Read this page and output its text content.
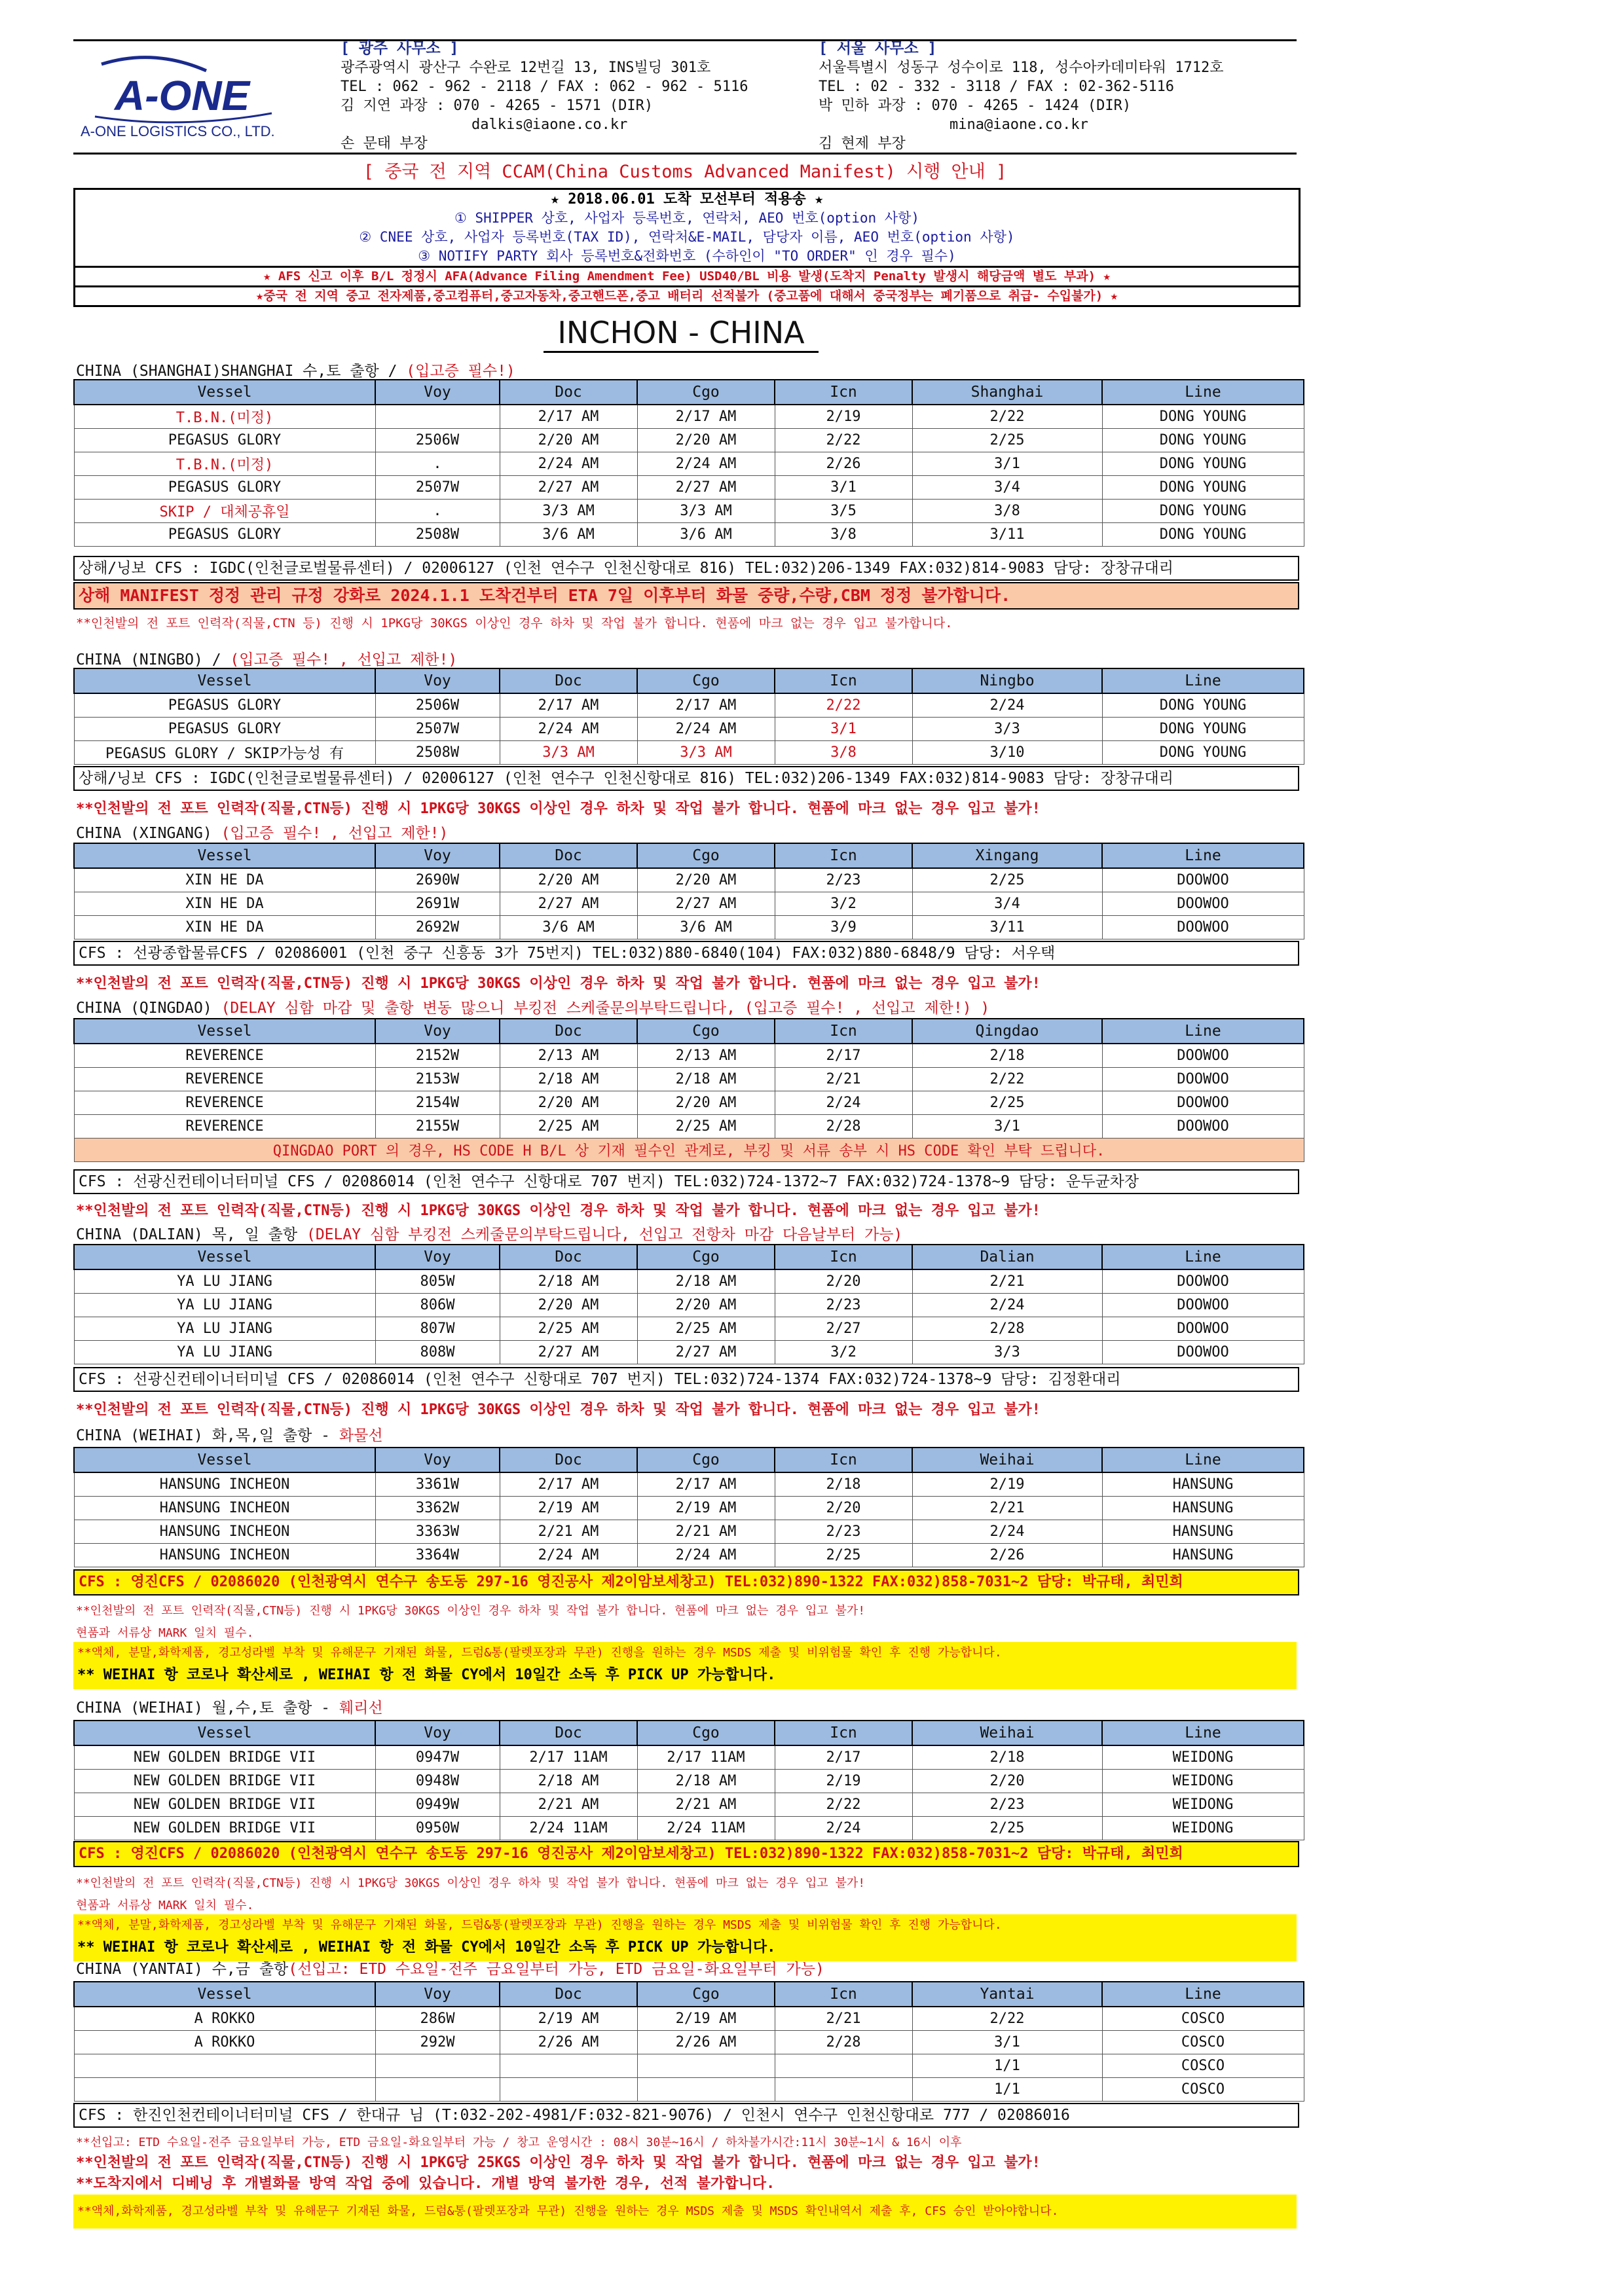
A-ONE
A-ONE LOGISTICS CO., LTD.
[ 광주 사무소 ]
광주광역시 광산구 수완로 12번길 13, INS빌딩 301호
TEL : 062 - 962 - 2118 / FAX : 062 - 962 - 5116
김 지연 과장 : 070 - 4265 - 1571 (DIR)
dalkis@iaone.co.kr
손 문태 부장
[ 서울 사무소 ]
서울특별시 성동구 성수이로 118, 성수아카데미타워 1712호
TEL : 02 - 332 - 3118 / FAX : 02-362-5116
박 민하 과장 : 070 - 4265 - 1424 (DIR)
mina@iaone.co.kr
김 현제 부장
[ 중국 전 지역 CCAM(China Customs Advanced Manifest) 시행 안내 ]
★ 2018.06.01 도착 모선부터 적용송 ★
① SHIPPER 상호, 사업자 등록번호, 연락처, AEO 번호(option 사항)
② CNEE 상호, 사업자 등록번호(TAX ID), 연락처&E-MAIL, 담당자 이름, AEO 번호(option 사항)
③ NOTIFY PARTY 회사 등록번호&전화번호 (수하인이 "TO ORDER" 인 경우 필수)
★ AFS 신고 이후 B/L 정정시 AFA(Advance Filing Amendment Fee) USD40/BL 비용 발생(도착지 Penalty 발생시 해당금액 별도 부과) ★
★중국 전 지역 중고 전자제품,중고컴퓨터,중고자동차,중고핸드폰,중고 배터리 선적불가 (중고품에 대해서 중국정부는 폐기품으로 취급- 수입불가) ★
INCHON - CHINA
CHINA (SHANGHAI)SHANGHAI 수,토 출항 / (입고증 필수!)
Vessel	Voy	Doc	Cgo	Icn	Shanghai	Line
T.B.N.(미정)		2/17 AM	2/17 AM	2/19	2/22	DONG YOUNG
PEGASUS GLORY	2506W	2/20 AM	2/20 AM	2/22	2/25	DONG YOUNG
T.B.N.(미정)	.	2/24 AM	2/24 AM	2/26	3/1	DONG YOUNG
PEGASUS GLORY	2507W	2/27 AM	2/27 AM	3/1	3/4	DONG YOUNG
SKIP / 대체공휴일	.	3/3 AM	3/3 AM	3/5	3/8	DONG YOUNG
PEGASUS GLORY	2508W	3/6 AM	3/6 AM	3/8	3/11	DONG YOUNG
상해/닝보 CFS : IGDC(인천글로벌물류센터) / 02006127 (인천 연수구 인천신항대로 816) TEL:032)206-1349 FAX:032)814-9083 담당: 장창규대리
상해 MANIFEST 정정 관리 규정 강화로 2024.1.1 도착건부터 ETA 7일 이후부터 화물 중량,수량,CBM 정정 불가합니다.
**인천발의 전 포트 인력작(직물,CTN 등) 진행 시 1PKG당 30KGS 이상인 경우 하차 및 작업 불가 합니다. 현품에 마크 없는 경우 입고 불가합니다.
CHINA (NINGBO) / (입고증 필수! , 선입고 제한!)
Vessel	Voy	Doc	Cgo	Icn	Ningbo	Line
PEGASUS GLORY	2506W	2/17 AM	2/17 AM	2/22	2/24	DONG YOUNG
PEGASUS GLORY	2507W	2/24 AM	2/24 AM	3/1	3/3	DONG YOUNG
PEGASUS GLORY / SKIP가능성 有	2508W	3/3 AM	3/3 AM	3/8	3/10	DONG YOUNG
상해/닝보 CFS : IGDC(인천글로벌물류센터) / 02006127 (인천 연수구 인천신항대로 816) TEL:032)206-1349 FAX:032)814-9083 담당: 장창규대리
**인천발의 전 포트 인력작(직물,CTN등) 진행 시 1PKG당 30KGS 이상인 경우 하차 및 작업 불가 합니다. 현품에 마크 없는 경우 입고 불가!
CHINA (XINGANG) (입고증 필수! , 선입고 제한!)
Vessel	Voy	Doc	Cgo	Icn	Xingang	Line
XIN HE DA	2690W	2/20 AM	2/20 AM	2/23	2/25	DOOWOO
XIN HE DA	2691W	2/27 AM	2/27 AM	3/2	3/4	DOOWOO
XIN HE DA	2692W	3/6 AM	3/6 AM	3/9	3/11	DOOWOO
CFS : 선광종합물류CFS / 02086001 (인천 중구 신흥동 3가 75번지) TEL:032)880-6840(104) FAX:032)880-6848/9 담당: 서우택
**인천발의 전 포트 인력작(직물,CTN등) 진행 시 1PKG당 30KGS 이상인 경우 하차 및 작업 불가 합니다. 현품에 마크 없는 경우 입고 불가!
CHINA (QINGDAO) (DELAY 심함 마감 및 출항 변동 많으니 부킹전 스케줄문의부탁드립니다, (입고증 필수! , 선입고 제한!) )
Vessel	Voy	Doc	Cgo	Icn	Qingdao	Line
REVERENCE	2152W	2/13 AM	2/13 AM	2/17	2/18	DOOWOO
REVERENCE	2153W	2/18 AM	2/18 AM	2/21	2/22	DOOWOO
REVERENCE	2154W	2/20 AM	2/20 AM	2/24	2/25	DOOWOO
REVERENCE	2155W	2/25 AM	2/25 AM	2/28	3/1	DOOWOO
QINGDAO PORT 의 경우, HS CODE H B/L 상 기재 필수인 관계로, 부킹 및 서류 송부 시 HS CODE 확인 부탁 드립니다.						
CFS : 선광신컨테이너터미널 CFS / 02086014 (인천 연수구 신항대로 707 번지) TEL:032)724-1372~7 FAX:032)724-1378~9 담당: 운두균차장
**인천발의 전 포트 인력작(직물,CTN등) 진행 시 1PKG당 30KGS 이상인 경우 하차 및 작업 불가 합니다. 현품에 마크 없는 경우 입고 불가!
CHINA (DALIAN) 목, 일 출항 (DELAY 심함 부킹전 스케줄문의부탁드립니다, 선입고 전항차 마감 다음날부터 가능)
Vessel	Voy	Doc	Cgo	Icn	Dalian	Line
YA LU JIANG	805W	2/18 AM	2/18 AM	2/20	2/21	DOOWOO
YA LU JIANG	806W	2/20 AM	2/20 AM	2/23	2/24	DOOWOO
YA LU JIANG	807W	2/25 AM	2/25 AM	2/27	2/28	DOOWOO
YA LU JIANG	808W	2/27 AM	2/27 AM	3/2	3/3	DOOWOO
CFS : 선광신컨테이너터미널 CFS / 02086014 (인천 연수구 신항대로 707 번지) TEL:032)724-1374 FAX:032)724-1378~9 담당: 김정환대리
**인천발의 전 포트 인력작(직물,CTN등) 진행 시 1PKG당 30KGS 이상인 경우 하차 및 작업 불가 합니다. 현품에 마크 없는 경우 입고 불가!
CHINA (WEIHAI) 화,목,일 출항 - 화물선
Vessel	Voy	Doc	Cgo	Icn	Weihai	Line
HANSUNG INCHEON	3361W	2/17 AM	2/17 AM	2/18	2/19	HANSUNG
HANSUNG INCHEON	3362W	2/19 AM	2/19 AM	2/20	2/21	HANSUNG
HANSUNG INCHEON	3363W	2/21 AM	2/21 AM	2/23	2/24	HANSUNG
HANSUNG INCHEON	3364W	2/24 AM	2/24 AM	2/25	2/26	HANSUNG
CFS : 영진CFS / 02086020 (인천광역시 연수구 송도동 297-16 영진공사 제2이암보세창고) TEL:032)890-1322 FAX:032)858-7031~2 담당: 박규태, 최민희
**인천발의 전 포트 인력작(직물,CTN등) 진행 시 1PKG당 30KGS 이상인 경우 하차 및 작업 불가 합니다. 현품에 마크 없는 경우 입고 불가!
현품과 서류상 MARK 일치 필수.
**액체, 분말,화학제품, 경고성라벨 부착 및 유해문구 기재된 화물, 드럼&통(팔렛포장과 무관) 진행을 원하는 경우 MSDS 제출 및 비위험물 확인 후 진행 가능합니다.
** WEIHAI 항 코로나 확산세로 , WEIHAI 항 전 화물 CY에서 10일간 소독 후 PICK UP 가능합니다.
CHINA (WEIHAI) 월,수,토 출항 - 훼리선
Vessel	Voy	Doc	Cgo	Icn	Weihai	Line
NEW GOLDEN BRIDGE VII	0947W	2/17 11AM	2/17 11AM	2/17	2/18	WEIDONG
NEW GOLDEN BRIDGE VII	0948W	2/18 AM	2/18 AM	2/19	2/20	WEIDONG
NEW GOLDEN BRIDGE VII	0949W	2/21 AM	2/21 AM	2/22	2/23	WEIDONG
NEW GOLDEN BRIDGE VII	0950W	2/24 11AM	2/24 11AM	2/24	2/25	WEIDONG
CFS : 영진CFS / 02086020 (인천광역시 연수구 송도동 297-16 영진공사 제2이암보세창고) TEL:032)890-1322 FAX:032)858-7031~2 담당: 박규태, 최민희
**인천발의 전 포트 인력작(직물,CTN등) 진행 시 1PKG당 30KGS 이상인 경우 하차 및 작업 불가 합니다. 현품에 마크 없는 경우 입고 불가!
현품과 서류상 MARK 일치 필수.
**액체, 분말,화학제품, 경고성라벨 부착 및 유해문구 기재된 화물, 드럼&통(팔렛포장과 무관) 진행을 원하는 경우 MSDS 제출 및 비위험물 확인 후 진행 가능합니다.
** WEIHAI 항 코로나 확산세로 , WEIHAI 항 전 화물 CY에서 10일간 소독 후 PICK UP 가능합니다.
CHINA (YANTAI) 수,금 출항(선입고: ETD 수요일-전주 금요일부터 가능, ETD 금요일-화요일부터 가능)
Vessel	Voy	Doc	Cgo	Icn	Yantai	Line
A ROKKO	286W	2/19 AM	2/19 AM	2/21	2/22	COSCO
A ROKKO	292W	2/26 AM	2/26 AM	2/28	3/1	COSCO
					1/1	COSCO
					1/1	COSCO
CFS : 한진인천컨테이너터미널 CFS / 한대규 님 (T:032-202-4981/F:032-821-9076) / 인천시 연수구 인천신항대로 777 / 02086016
**선입고: ETD 수요일-전주 금요일부터 가능, ETD 금요일-화요일부터 가능 / 창고 운영시간 : 08시 30분~16시 / 하차불가시간:11시 30분~1시 & 16시 이후
**인천발의 전 포트 인력작(직물,CTN등) 진행 시 1PKG당 25KGS 이상인 경우 하차 및 작업 불가 합니다. 현품에 마크 없는 경우 입고 불가!
**도착지에서 디베닝 후 개별화물 방역 작업 중에 있습니다. 개별 방역 불가한 경우, 선적 불가합니다.
**액체,화학제품, 경고성라벨 부착 및 유해문구 기재된 화물, 드럼&통(팔렛포장과 무관) 진행을 원하는 경우 MSDS 제출 및 MSDS 확인내역서 제출 후, CFS 승인 받아야합니다.
